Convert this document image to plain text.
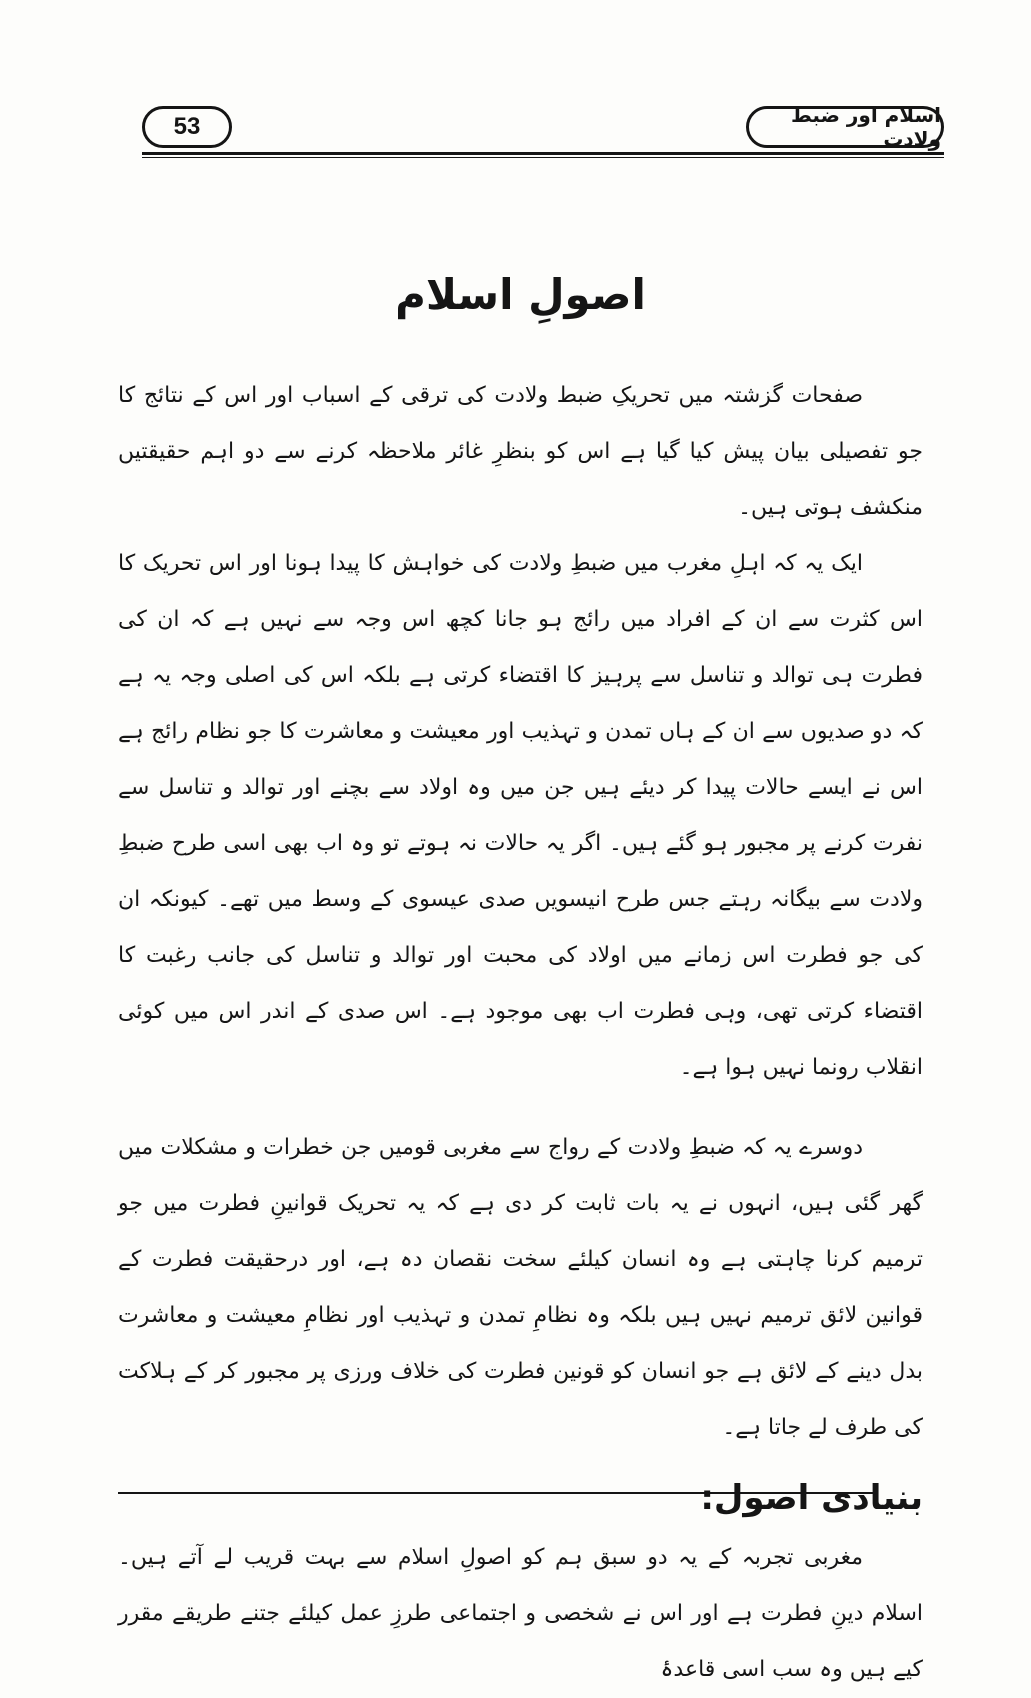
53	اسلام اور ضبط ولادت
اصولِ اسلام

صفحات گزشتہ میں تحریکِ ضبط ولادت کی ترقی کے اسباب اور اس کے نتائج کا جو تفصیلی بیان پیش کیا گیا ہے اس کو بنظرِ غائر ملاحظہ کرنے سے دو اہم حقیقتیں منکشف ہوتی ہیں۔

ایک یہ کہ اہلِ مغرب میں ضبطِ ولادت کی خواہش کا پیدا ہونا اور اس تحریک کا اس کثرت سے ان کے افراد میں رائج ہو جانا کچھ اس وجہ سے نہیں ہے کہ ان کی فطرت ہی توالد و تناسل سے پرہیز کا اقتضاء کرتی ہے بلکہ اس کی اصلی وجہ یہ ہے کہ دو صدیوں سے ان کے ہاں تمدن و تہذیب اور معیشت و معاشرت کا جو نظام رائج ہے اس نے ایسے حالات پیدا کر دیئے ہیں جن میں وہ اولاد سے بچنے اور توالد و تناسل سے نفرت کرنے پر مجبور ہو گئے ہیں۔ اگر یہ حالات نہ ہوتے تو وہ اب بھی اسی طرح ضبطِ ولادت سے بیگانہ رہتے جس طرح انیسویں صدی عیسوی کے وسط میں تھے۔ کیونکہ ان کی جو فطرت اس زمانے میں اولاد کی محبت اور توالد و تناسل کی جانب رغبت کا اقتضاء کرتی تھی، وہی فطرت اب بھی موجود ہے۔ اس صدی کے اندر اس میں کوئی انقلاب رونما نہیں ہوا ہے۔

دوسرے یہ کہ ضبطِ ولادت کے رواج سے مغربی قومیں جن خطرات و مشکلات میں گھر گئی ہیں، انہوں نے یہ بات ثابت کر دی ہے کہ یہ تحریک قوانینِ فطرت میں جو ترمیم کرنا چاہتی ہے وہ انسان کیلئے سخت نقصان دہ ہے، اور درحقیقت فطرت کے قوانین لائق ترمیم نہیں ہیں بلکہ وہ نظامِ تمدن و تہذیب اور نظامِ معیشت و معاشرت بدل دینے کے لائق ہے جو انسان کو قونین فطرت کی خلاف ورزی پر مجبور کر کے ہلاکت کی طرف لے جاتا ہے۔

بنیادی اصول:

مغربی تجربہ کے یہ دو سبق ہم کو اصولِ اسلام سے بہت قریب لے آتے ہیں۔ اسلام دینِ فطرت ہے اور اس نے شخصی و اجتماعی طرزِ عمل کیلئے جتنے طریقے مقرر کیے ہیں وہ سب اسی قاعدۂ
